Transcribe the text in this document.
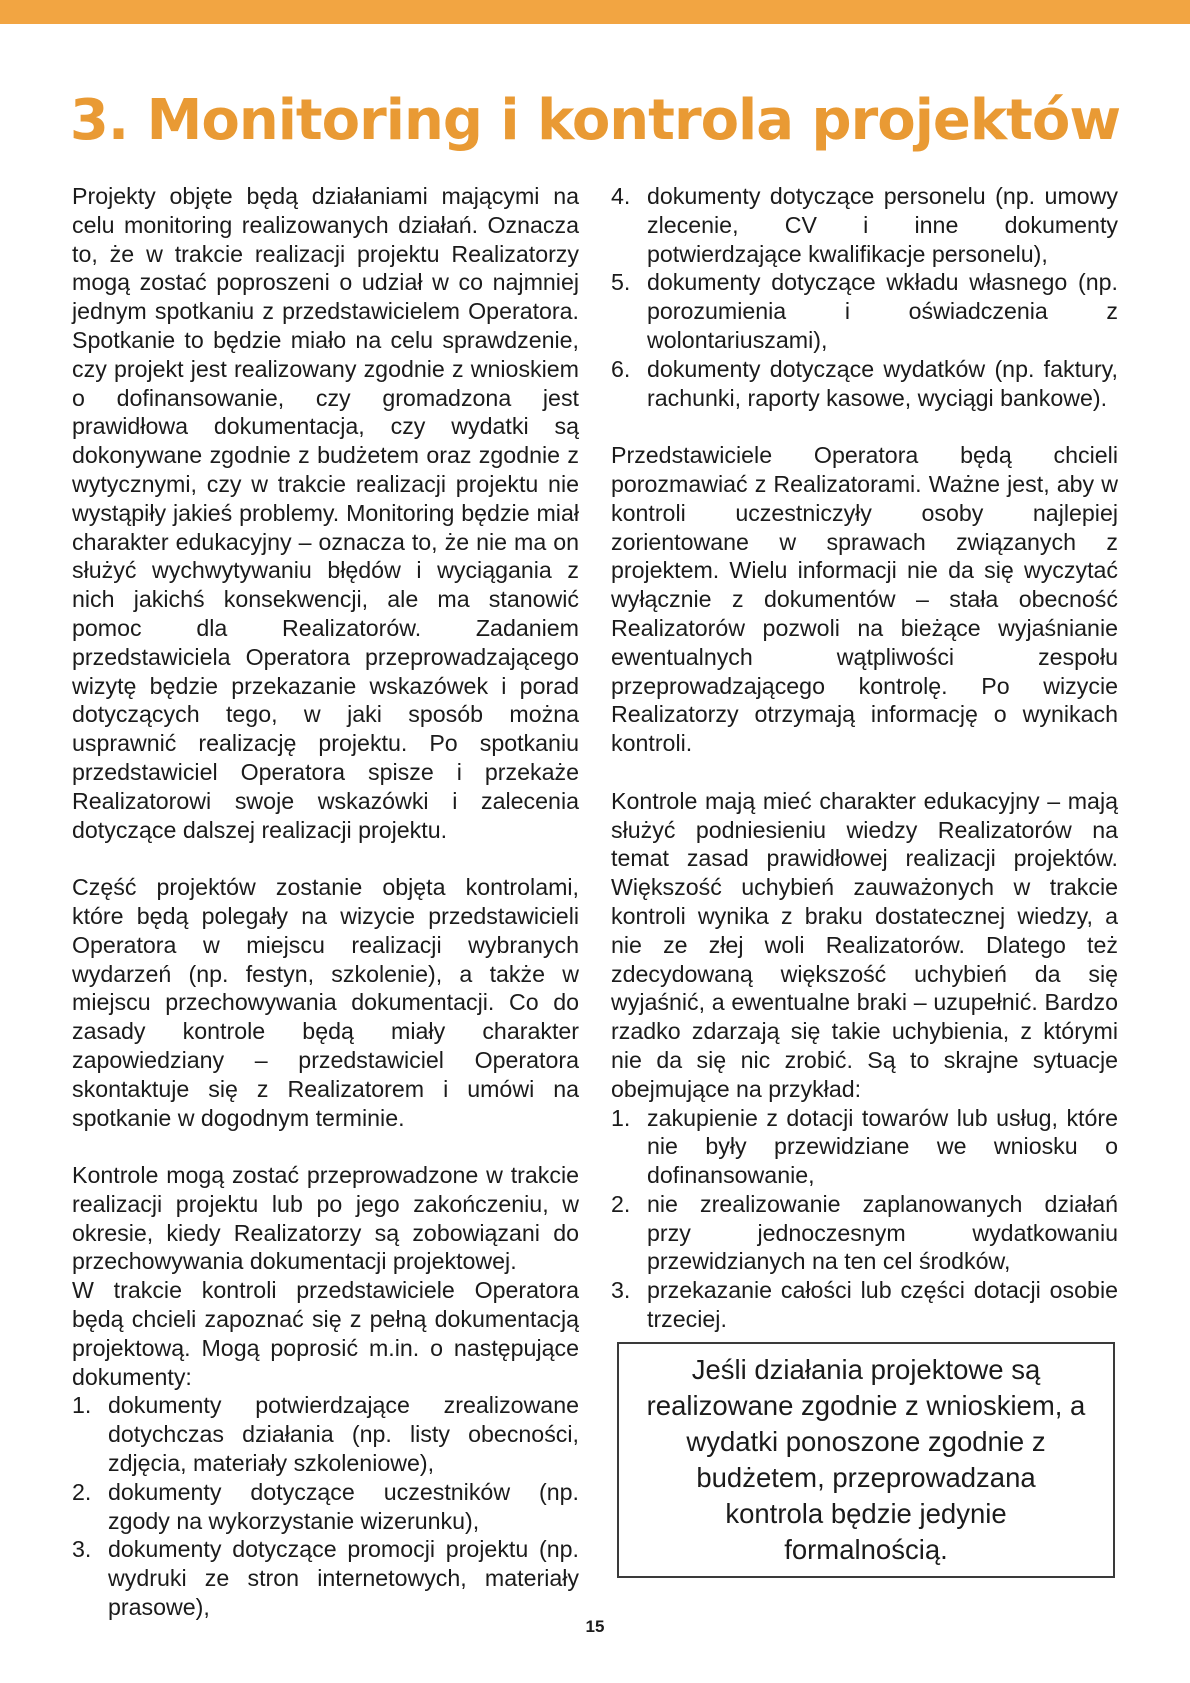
3. Monitoring i kontrola projektów

Projekty objęte będą działaniami mającymi na celu monitoring realizowanych działań. Oznacza to, że w trakcie realizacji projektu Realizatorzy mogą zostać poproszeni o udział w co najmniej jednym spotkaniu z przedstawicielem Operatora. Spotkanie to będzie miało na celu sprawdzenie, czy projekt jest realizowany zgodnie z wnioskiem o dofinansowanie, czy gromadzona jest prawidłowa dokumentacja, czy wydatki są dokonywane zgodnie z budżetem oraz zgodnie z wytycznymi, czy w trakcie realizacji projektu nie wystąpiły jakieś problemy. Monitoring będzie miał charakter edukacyjny – oznacza to, że nie ma on służyć wychwytywaniu błędów i wyciągania z nich jakichś konsekwencji, ale ma stanowić pomoc dla Realizatorów. Zadaniem przedstawiciela Operatora przeprowadzającego wizytę będzie przekazanie wskazówek i porad dotyczących tego, w jaki sposób można usprawnić realizację projektu. Po spotkaniu przedstawiciel Operatora spisze i przekaże Realizatorowi swoje wskazówki i zalecenia dotyczące dalszej realizacji projektu.

Część projektów zostanie objęta kontrolami, które będą polegały na wizycie przedstawicieli Operatora w miejscu realizacji wybranych wydarzeń (np. festyn, szkolenie), a także w miejscu przechowywania dokumentacji. Co do zasady kontrole będą miały charakter zapowiedziany – przedstawiciel Operatora skontaktuje się z Realizatorem i umówi na spotkanie w dogodnym terminie.

Kontrole mogą zostać przeprowadzone w trakcie realizacji projektu lub po jego zakończeniu, w okresie, kiedy Realizatorzy są zobowiązani do przechowywania dokumentacji projektowej.

W trakcie kontroli przedstawiciele Operatora będą chcieli zapoznać się z pełną dokumentacją projektową. Mogą poprosić m.in. o następujące dokumenty:

1. dokumenty potwierdzające zrealizowane dotychczas działania (np. listy obecności, zdjęcia, materiały szkoleniowe),
2. dokumenty dotyczące uczestników (np. zgody na wykorzystanie wizerunku),
3. dokumenty dotyczące promocji projektu (np. wydruki ze stron internetowych, materiały prasowe),
4. dokumenty dotyczące personelu (np. umowy zlecenie, CV i inne dokumenty potwierdzające kwalifikacje personelu),
5. dokumenty dotyczące wkładu własnego (np. porozumienia i oświadczenia z wolontariuszami),
6. dokumenty dotyczące wydatków (np. faktury, rachunki, raporty kasowe, wyciągi bankowe).

Przedstawiciele Operatora będą chcieli porozmawiać z Realizatorami. Ważne jest, aby w kontroli uczestniczyły osoby najlepiej zorientowane w sprawach związanych z projektem. Wielu informacji nie da się wyczytać wyłącznie z dokumentów – stała obecność Realizatorów pozwoli na bieżące wyjaśnianie ewentualnych wątpliwości zespołu przeprowadzającego kontrolę. Po wizycie Realizatorzy otrzymają informację o wynikach kontroli.

Kontrole mają mieć charakter edukacyjny – mają służyć podniesieniu wiedzy Realizatorów na temat zasad prawidłowej realizacji projektów. Większość uchybień zauważonych w trakcie kontroli wynika z braku dostatecznej wiedzy, a nie ze złej woli Realizatorów. Dlatego też zdecydowaną większość uchybień da się wyjaśnić, a ewentualne braki – uzupełnić. Bardzo rzadko zdarzają się takie uchybienia, z którymi nie da się nic zrobić. Są to skrajne sytuacje obejmujące na przykład:

1. zakupienie z dotacji towarów lub usług, które nie były przewidziane we wniosku o dofinansowanie,
2. nie zrealizowanie zaplanowanych działań przy jednoczesnym wydatkowaniu przewidzianych na ten cel środków,
3. przekazanie całości lub części dotacji osobie trzeciej.
Jeśli działania projektowe są realizowane zgodnie z wnioskiem, a wydatki ponoszone zgodnie z budżetem, przeprowadzana kontrola będzie jedynie formalnością.
15
